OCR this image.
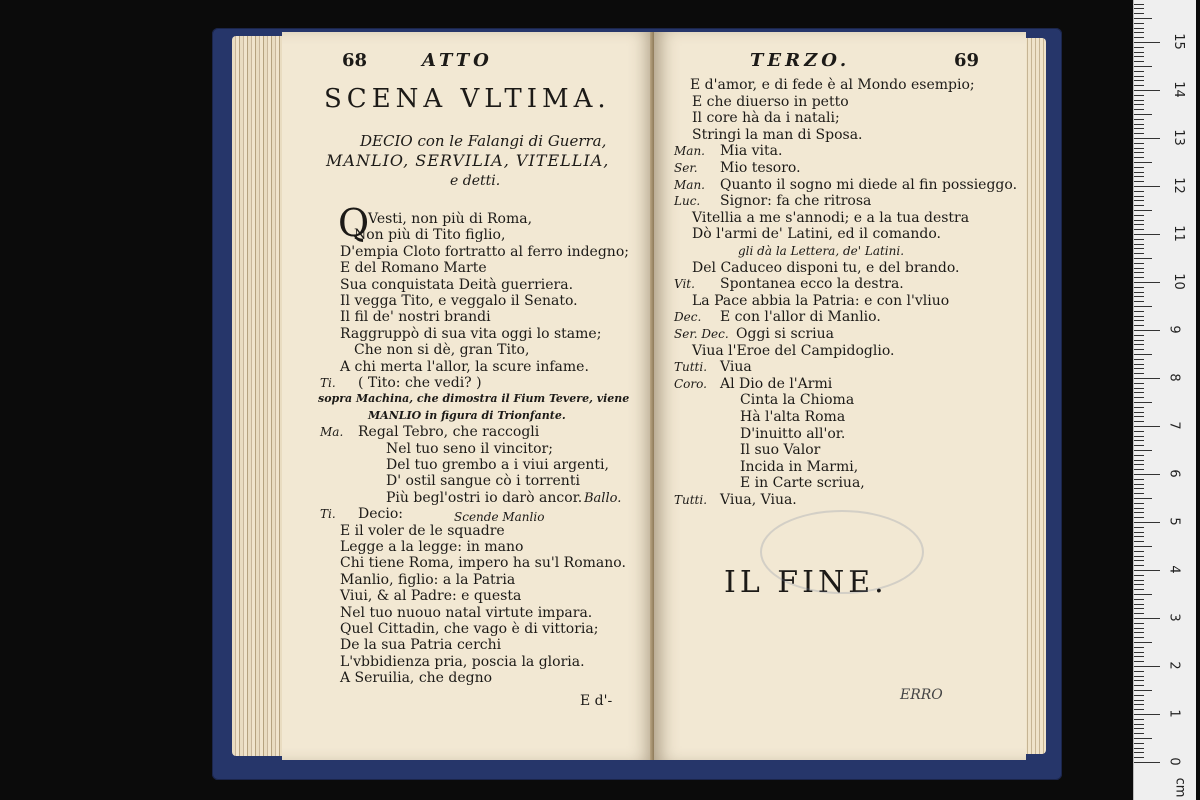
68	ATTO
SCENA VLTIMA.
DECIO con le Falangi di Guerra,
MANLIO, SERVILIA, VITELLIA,
e detti.
Q
Vesti, non più di Roma,
Non più di Tito figlio,
D'empia Cloto fortratto al ferro indegno;
E del Romano Marte
Sua conquistata Deità guerriera.
Il vegga Tito, e veggalo il Senato.
Il fil de' nostri brandi
Raggruppò di sua vita oggi lo stame;
Che non si dè, gran Tito,
A chi merta l'allor, la scure infame.
Ti. ( Tito: che vedi? )
sopra Machina, che dimostra il Fium Tevere, viene
MANLIO in figura di Trionfante.
Ma. Regal Tebro, che raccogli
Nel tuo seno il vincitor;
Del tuo grembo a i viui argenti,
D' ostil sangue cò i torrenti
Più begl'ostri io darò ancor.
Ti. Decio:
E il voler de le squadre
Legge a la legge: in mano
Chi tiene Roma, impero ha su'l Romano.
Manlio, figlio: a la Patria
Viui, & al Padre: e questa
Nel tuo nuouo natal virtute impara.
Quel Cittadin, che vago è di vittoria;
De la sua Patria cerchi
L'vbbidienza pria, poscia la gloria.
A Seruilia, che degno
Ballo.
Scende Manlio
E d'-
TERZO.	69
E d'amor, e di fede è al Mondo esempio;
E che diuerso in petto
Il core hà da i natali;
Stringi la man di Sposa.
Man. Mia vita.
Ser. Mio tesoro.
Man. Quanto il sogno mi diede al fin possieggo.
Luc. Signor: fa che ritrosa
Vitellia a me s'annodi; e a la tua destra
Dò l'armi de' Latini, ed il comando.
gli dà la Lettera, de' Latini.
Del Caduceo disponi tu, e del brando.
Vit. Spontanea ecco la destra.
La Pace abbia la Patria: e con l'vliuo
Dec. E con l'allor di Manlio.
Ser. Dec. Oggi si scriua
Viua l'Eroe del Campidoglio.
Tutti. Viua
Coro. Al Dio de l'Armi
Cinta la Chioma
Hà l'alta Roma
D'inuitto all'or.
Il suo Valor
Incida in Marmi,
E in Carte scriua,
Tutti. Viua, Viua.
IL FINE.
ERRO
0
1
2
3
4
5
6
7
8
9
10
11
12
13
14
15
cm
